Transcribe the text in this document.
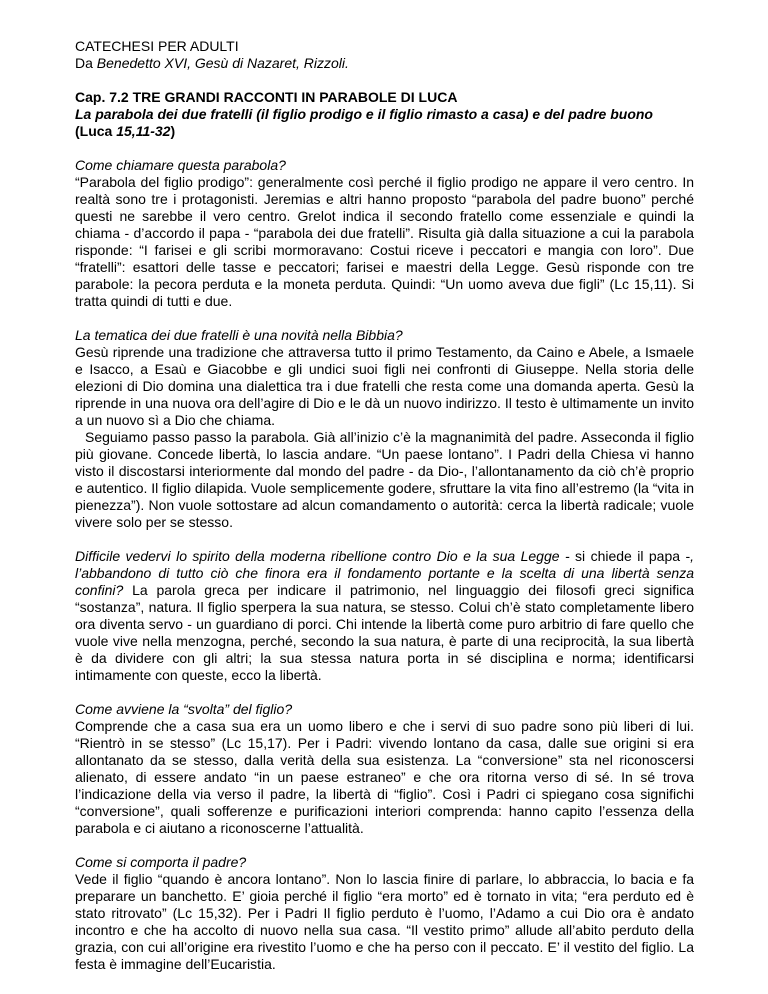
CATECHESI PER ADULTI

Da Benedetto XVI, Gesù di Nazaret, Rizzoli.

Cap. 7.2 TRE GRANDI RACCONTI IN PARABOLE DI LUCA

La parabola dei due fratelli (il figlio prodigo e il figlio rimasto a casa) e del padre buono (Luca 15,11-32)

Come chiamare questa parabola?

“Parabola del figlio prodigo”: generalmente così perché il figlio prodigo ne appare il vero centro. In realtà sono tre i protagonisti. Jeremias e altri hanno proposto “parabola del padre buono” perché questi ne sarebbe il vero centro. Grelot indica il secondo fratello come essenziale e quindi la chiama - d’accordo il papa - “parabola dei due fratelli”. Risulta già dalla situazione a cui la parabola risponde: “I farisei e gli scribi mormoravano: Costui riceve i peccatori e mangia con loro”. Due “fratelli”: esattori delle tasse e peccatori; farisei e maestri della Legge. Gesù risponde con tre parabole: la pecora perduta e la moneta perduta. Quindi: “Un uomo aveva due figli” (Lc 15,11). Si tratta quindi di tutti e due.

La tematica dei due fratelli è una novità nella Bibbia?

Gesù riprende una tradizione che attraversa tutto il primo Testamento, da Caino e Abele, a Ismaele e Isacco, a Esaù e Giacobbe e gli undici suoi figli nei confronti di Giuseppe. Nella storia delle elezioni di Dio domina una dialettica tra i due fratelli che resta come una domanda aperta. Gesù la riprende in una nuova ora dell’agire di Dio e le dà un nuovo indirizzo. Il testo è ultimamente un invito a un nuovo sì a Dio che chiama.

Seguiamo passo passo la parabola. Già all’inizio c’è la magnanimità del padre. Asseconda il figlio più giovane. Concede libertà, lo lascia andare. “Un paese lontano”. I Padri della Chiesa vi hanno visto il discostarsi interiormente dal mondo del padre - da Dio-, l’allontanamento da ciò ch’è proprio e autentico. Il figlio dilapida. Vuole semplicemente godere, sfruttare la vita fino all’estremo (la “vita in pienezza”). Non vuole sottostare ad alcun comandamento o autorità: cerca la libertà radicale; vuole vivere solo per se stesso.

Difficile vedervi lo spirito della moderna ribellione contro Dio e la sua Legge - si chiede il papa -, l’abbandono di tutto ciò che finora era il fondamento portante e la scelta di una libertà senza confini? La parola greca per indicare il patrimonio, nel linguaggio dei filosofi greci significa “sostanza”, natura. Il figlio sperpera la sua natura, se stesso. Colui ch’è stato completamente libero ora diventa servo - un guardiano di porci. Chi intende la libertà come puro arbitrio di fare quello che vuole vive nella menzogna, perché, secondo la sua natura, è parte di una reciprocità, la sua libertà è da dividere con gli altri; la sua stessa natura porta in sé disciplina e norma; identificarsi intimamente con queste, ecco la libertà.

Come avviene la “svolta” del figlio?

Comprende che a casa sua era un uomo libero e che i servi di suo padre sono più liberi di lui. “Rientrò in se stesso” (Lc 15,17). Per i Padri: vivendo lontano da casa, dalle sue origini si era allontanato da se stesso, dalla verità della sua esistenza. La “conversione” sta nel riconoscersi alienato, di essere andato “in un paese estraneo” e che ora ritorna verso di sé. In sé trova l’indicazione della via verso il padre, la libertà di “figlio”. Così i Padri ci spiegano cosa significhi “conversione”, quali sofferenze e purificazioni interiori comprenda: hanno capito l’essenza della parabola e ci aiutano a riconoscerne l’attualità.

Come si comporta il padre?

Vede il figlio “quando è ancora lontano”. Non lo lascia finire di parlare, lo abbraccia, lo bacia e fa preparare un banchetto. E’ gioia perché il figlio “era morto” ed è tornato in vita; “era perduto ed è stato ritrovato” (Lc 15,32). Per i Padri Il figlio perduto è l’uomo, l’Adamo a cui Dio ora è andato incontro e che ha accolto di nuovo nella sua casa. “Il vestito primo” allude all’abito perduto della grazia, con cui all’origine era rivestito l’uomo e che ha perso con il peccato. E’ il vestito del figlio. La festa è immagine dell’Eucaristia.
